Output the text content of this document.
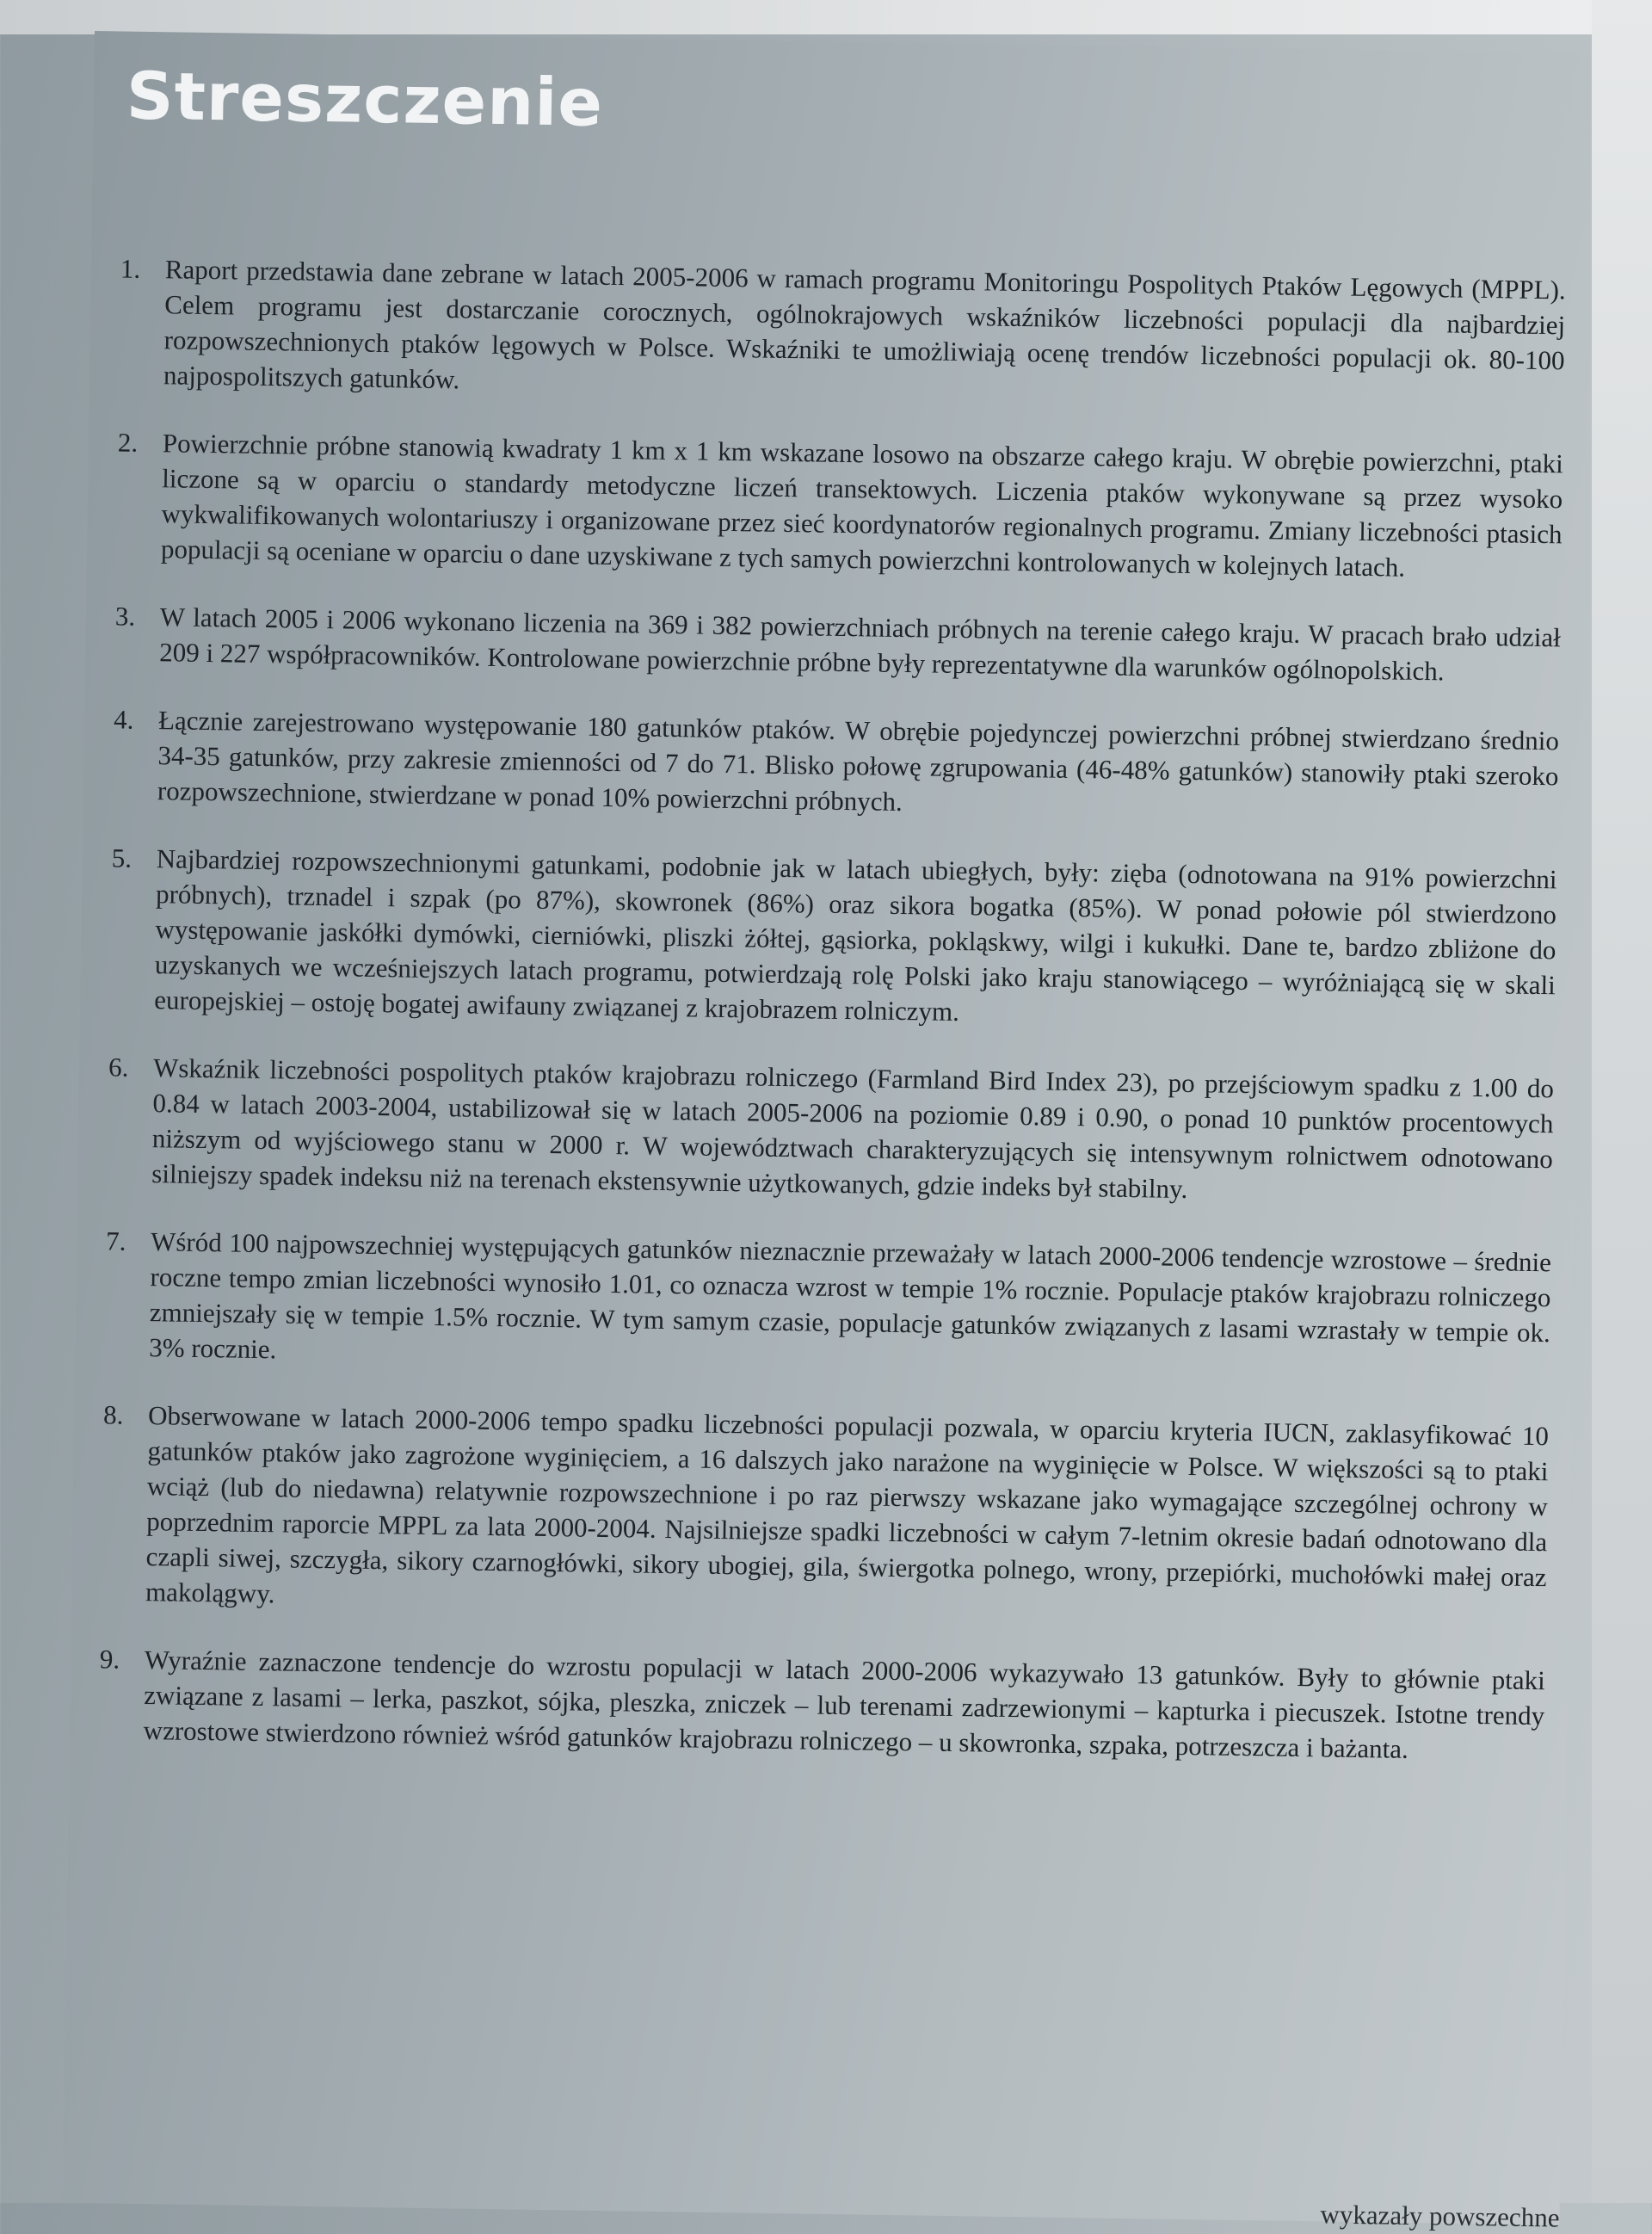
Streszczenie
1. Raport przedstawia dane zebrane w latach 2005-2006 w ramach programu Monitoringu Pospolitych Ptaków Lęgowych (MPPL). Celem programu jest dostarczanie corocznych, ogólnokrajowych wskaźników liczebności populacji dla najbardziej rozpowszechnionych ptaków lęgowych w Polsce. Wskaźniki te umożliwiają ocenę trendów liczebności populacji ok. 80-100 najpospolitszych gatunków.
2. Powierzchnie próbne stanowią kwadraty 1 km x 1 km wskazane losowo na obszarze całego kraju. W obrębie powierzchni, ptaki liczone są w oparciu o standardy metodyczne liczeń transektowych. Liczenia ptaków wykonywane są przez wysoko wykwalifikowanych wolontariuszy i organizowane przez sieć koordynatorów regionalnych programu. Zmiany liczebności ptasich populacji są oceniane w oparciu o dane uzyskiwane z tych samych powierzchni kontrolowanych w kolejnych latach.
3. W latach 2005 i 2006 wykonano liczenia na 369 i 382 powierzchniach próbnych na terenie całego kraju. W pracach brało udział 209 i 227 współpracowników. Kontrolowane powierzchnie próbne były reprezentatywne dla warunków ogólnopolskich.
4. Łącznie zarejestrowano występowanie 180 gatunków ptaków. W obrębie pojedynczej powierzchni próbnej stwierdzano średnio 34-35 gatunków, przy zakresie zmienności od 7 do 71. Blisko połowę zgrupowania (46-48% gatunków) stanowiły ptaki szeroko rozpowszechnione, stwierdzane w ponad 10% powierzchni próbnych.
5. Najbardziej rozpowszechnionymi gatunkami, podobnie jak w latach ubiegłych, były: zięba (odnotowana na 91% powierzchni próbnych), trznadel i szpak (po 87%), skowronek (86%) oraz sikora bogatka (85%). W ponad połowie pól stwierdzono występowanie jaskółki dymówki, cierniówki, pliszki żółtej, gąsiorka, pokląskwy, wilgi i kukułki. Dane te, bardzo zbliżone do uzyskanych we wcześniejszych latach programu, potwierdzają rolę Polski jako kraju stanowiącego – wyróżniającą się w skali europejskiej – ostoję bogatej awifauny związanej z krajobrazem rolniczym.
6. Wskaźnik liczebności pospolitych ptaków krajobrazu rolniczego (Farmland Bird Index 23), po przejściowym spadku z 1.00 do 0.84 w latach 2003-2004, ustabilizował się w latach 2005-2006 na poziomie 0.89 i 0.90, o ponad 10 punktów procentowych niższym od wyjściowego stanu w 2000 r. W województwach charakteryzujących się intensywnym rolnictwem odnotowano silniejszy spadek indeksu niż na terenach ekstensywnie użytkowanych, gdzie indeks był stabilny.
7. Wśród 100 najpowszechniej występujących gatunków nieznacznie przeważały w latach 2000-2006 tendencje wzrostowe – średnie roczne tempo zmian liczebności wynosiło 1.01, co oznacza wzrost w tempie 1% rocznie. Populacje ptaków krajobrazu rolniczego zmniejszały się w tempie 1.5% rocznie. W tym samym czasie, populacje gatunków związanych z lasami wzrastały w tempie ok. 3% rocznie.
8. Obserwowane w latach 2000-2006 tempo spadku liczebności populacji pozwala, w oparciu kryteria IUCN, zaklasyfikować 10 gatunków ptaków jako zagrożone wyginięciem, a 16 dalszych jako narażone na wyginięcie w Polsce. W większości są to ptaki wciąż (lub do niedawna) relatywnie rozpowszechnione i po raz pierwszy wskazane jako wymagające szczególnej ochrony w poprzednim raporcie MPPL za lata 2000-2004. Najsilniejsze spadki liczebności w całym 7-letnim okresie badań odnotowano dla czapli siwej, szczygła, sikory czarnogłówki, sikory ubogiej, gila, świergotka polnego, wrony, przepiórki, muchołówki małej oraz makolągwy.
9. Wyraźnie zaznaczone tendencje do wzrostu populacji w latach 2000-2006 wykazywało 13 gatunków. Były to głównie ptaki związane z lasami – lerka, paszkot, sójka, pleszka, zniczek – lub terenami zadrzewionymi – kapturka i piecuszek. Istotne trendy wzrostowe stwierdzono również wśród gatunków krajobrazu rolniczego – u skowronka, szpaka, potrzeszcza i bażanta.
wykazały powszechne
